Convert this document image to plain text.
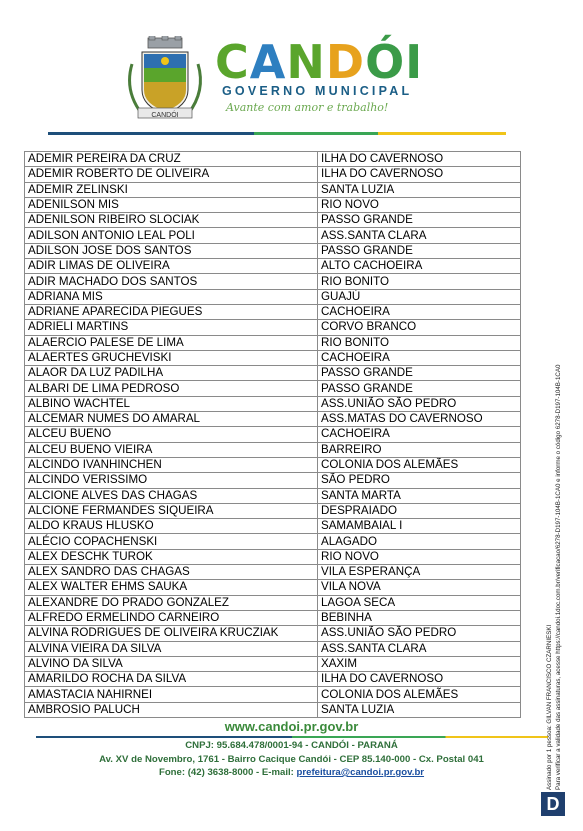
CANDÓI
CANDÓI
GOVERNO MUNICIPAL
Avante com amor e trabalho!
ADEMIR PEREIRA DA CRUZ	ILHA DO CAVERNOSO
ADEMIR ROBERTO DE OLIVEIRA	ILHA DO CAVERNOSO
ADEMIR ZELINSKI	SANTA LUZIA
ADENILSON MIS	RIO NOVO
ADENILSON RIBEIRO SLOCIAK	PASSO GRANDE
ADILSON ANTONIO LEAL POLI	ASS.SANTA CLARA
ADILSON JOSE DOS SANTOS	PASSO GRANDE
ADIR LIMAS DE OLIVEIRA	ALTO CACHOEIRA
ADIR MACHADO DOS SANTOS	RIO BONITO
ADRIANA MIS	GUAJÚ
ADRIANE APARECIDA PIEGUES	CACHOEIRA
ADRIELI MARTINS	CORVO BRANCO
ALAERCIO PALESE DE LIMA	RIO BONITO
ALAERTES GRUCHEVISKI	CACHOEIRA
ALAOR DA LUZ PADILHA	PASSO GRANDE
ALBARI DE LIMA PEDROSO	PASSO GRANDE
ALBINO WACHTEL	ASS.UNIÃO SÃO PEDRO
ALCEMAR NUMES DO AMARAL	ASS.MATAS DO CAVERNOSO
ALCEU BUENO	CACHOEIRA
ALCEU BUENO VIEIRA	BARREIRO
ALCINDO IVANHINCHEN	COLONIA DOS ALEMÃES
ALCINDO VERISSIMO	SÃO PEDRO
ALCIONE ALVES DAS CHAGAS	SANTA MARTA
ALCIONE FERMANDES SIQUEIRA	DESPRAIADO
ALDO KRAUS HLUSKO	SAMAMBAIAL I
ALÉCIO COPACHENSKI	ALAGADO
ALEX DESCHK TUROK	RIO NOVO
ALEX SANDRO DAS CHAGAS	VILA ESPERANÇA
ALEX WALTER EHMS SAUKA	VILA NOVA
ALEXANDRE DO PRADO GONZALEZ	LAGOA SECA
ALFREDO ERMELINDO CARNEIRO	BEBINHA
ALVINA RODRIGUES DE OLIVEIRA KRUCZIAK	ASS.UNIÃO SÃO PEDRO
ALVINA VIEIRA DA SILVA	ASS.SANTA CLARA
ALVINO DA SILVA	XAXIM
AMARILDO ROCHA DA SILVA	ILHA DO CAVERNOSO
AMASTACIA NAHIRNEI	COLONIA DOS ALEMÃES
AMBROSIO PALUCH	SANTA LUZIA
www.candoi.pr.gov.br
CNPJ: 95.684.478/0001-94 - CANDÓI - PARANÁ
Av. XV de Novembro, 1761 - Bairro Cacique Candói - CEP 85.140-000 - Cx. Postal 041
Fone: (42) 3638-8000 - E-mail: prefeitura@candoi.pr.gov.br	Assinado por 1 pessoa: GILVAN FRANCISCO CZARNIESKI Para verificar a validade das assinaturas, acesse https://candoi.1doc.com.br/verificacao/6278-D197-104B-1CA0 e informe o código 6278-D197-104B-1CA0
D
